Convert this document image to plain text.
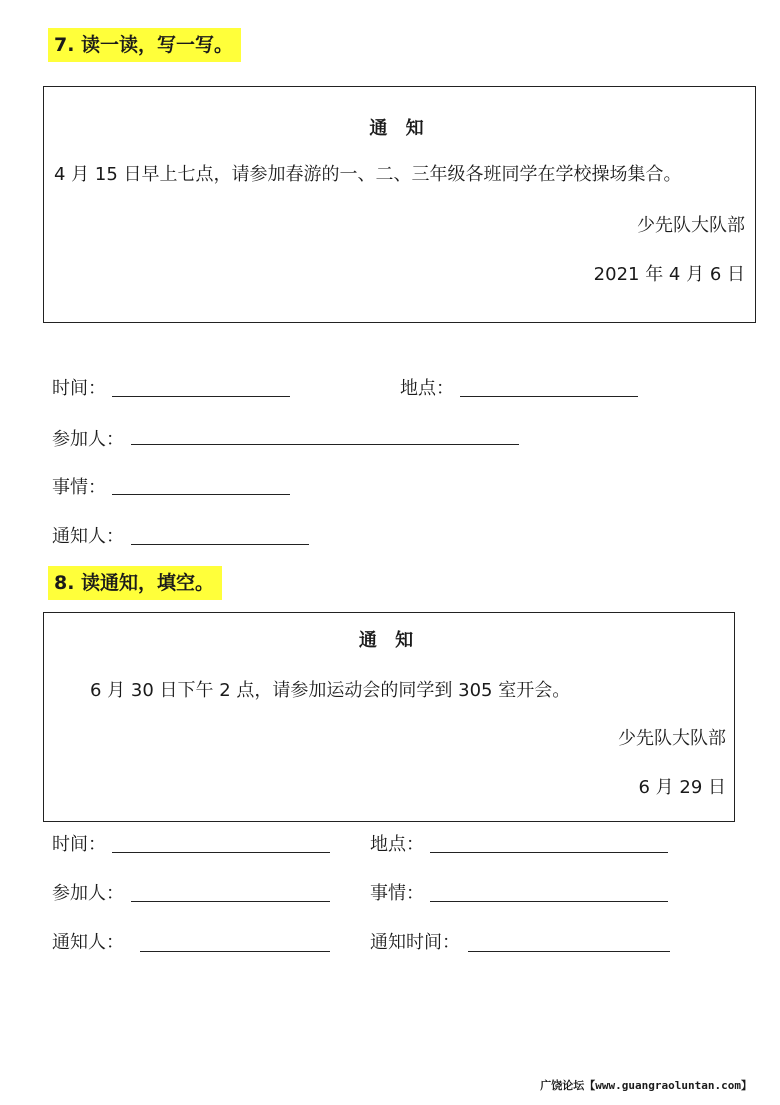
7. 读一读，写一写。
通 知
4 月 15 日早上七点，请参加春游的一、二、三年级各班同学在学校操场集合。
少先队大队部
2021 年 4 月 6 日
时间：	地点：
参加人：
事情：
通知人：
8. 读通知，填空。
通 知
6 月 30 日下午 2 点，请参加运动会的同学到 305 室开会。
少先队大队部
6 月 29 日
时间：	地点：
参加人：	事情：
通知人：	通知时间：
广饶论坛【www.guangraoluntan.com】
